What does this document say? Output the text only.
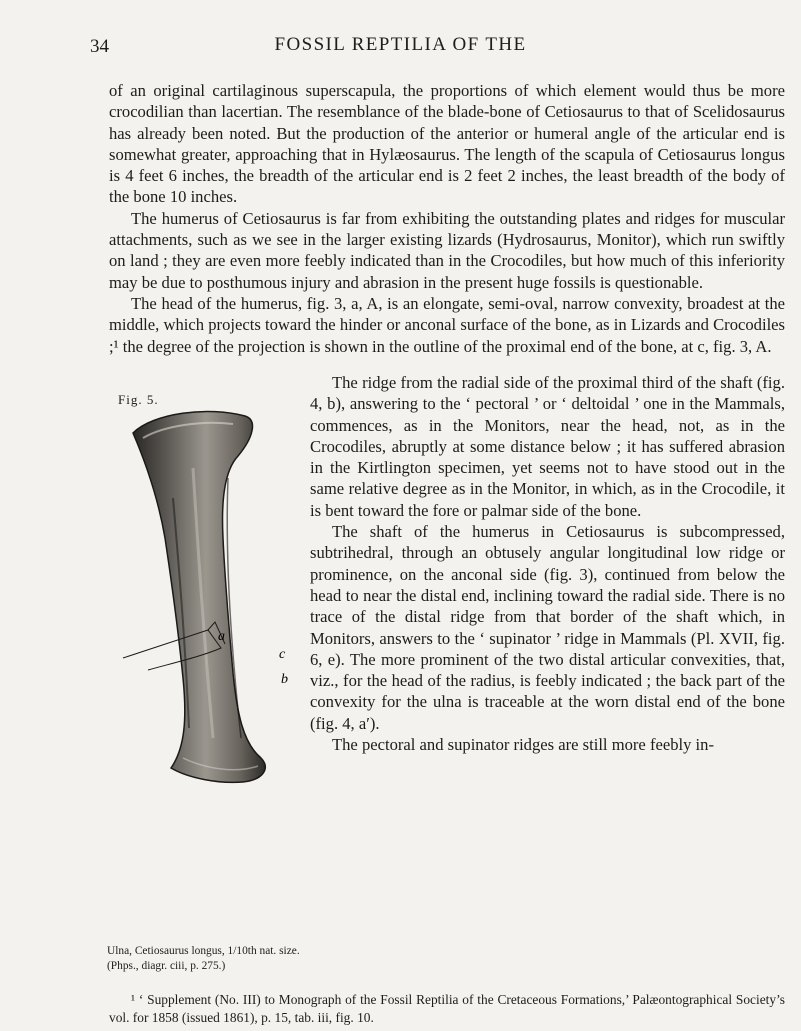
34	FOSSIL REPTILIA OF THE

of an original cartilaginous superscapula, the proportions of which element would thus be more crocodilian than lacertian. The resemblance of the blade-bone of Cetiosaurus to that of Scelidosaurus has already been noted. But the production of the anterior or humeral angle of the articular end is somewhat greater, approaching that in Hylæosaurus. The length of the scapula of Cetiosaurus longus is 4 feet 6 inches, the breadth of the articular end is 2 feet 2 inches, the least breadth of the body of the bone 10 inches.

The humerus of Cetiosaurus is far from exhibiting the outstanding plates and ridges for muscular attachments, such as we see in the larger existing lizards (Hydrosaurus, Monitor), which run swiftly on land ; they are even more feebly indicated than in the Crocodiles, but how much of this inferiority may be due to posthumous injury and abrasion in the present huge fossils is questionable.

The head of the humerus, fig. 3, a, A, is an elongate, semi-oval, narrow convexity, broadest at the middle, which projects toward the hinder or anconal surface of the bone, as in Lizards and Crocodiles ;¹ the degree of the projection is shown in the outline of the proximal end of the bone, at c, fig. 3, A.

Fig. 5.
a
c
b

The ridge from the radial side of the proximal third of the shaft (fig. 4, b), answering to the ‘ pectoral ’ or ‘ deltoidal ’ one in the Mammals, commences, as in the Monitors, near the head, not, as in the Crocodiles, abruptly at some distance below ; it has suffered abrasion in the Kirtlington specimen, yet seems not to have stood out in the same relative degree as in the Monitor, in which, as in the Crocodile, it is bent toward the fore or palmar side of the bone.

The shaft of the humerus in Cetiosaurus is subcompressed, subtrihedral, through an obtusely angular longitudinal low ridge or prominence, on the anconal side (fig. 3), continued from below the head to near the distal end, inclining toward the radial side. There is no trace of the distal ridge from that border of the shaft which, in Monitors, answers to the ‘ supinator ’ ridge in Mammals (Pl. XVII, fig. 6, e). The more prominent of the two distal articular convexities, that, viz., for the head of the radius, is feebly indicated ; the back part of the convexity for the ulna is traceable at the worn distal end of the bone (fig. 4, a′).

The pectoral and supinator ridges are still more feebly in-

Ulna, Cetiosaurus longus, 1/10th nat. size. (Phps., diagr. ciii, p. 275.)

¹ ‘ Supplement (No. III) to Monograph of the Fossil Reptilia of the Cretaceous Formations,’ Palæontographical Society’s vol. for 1858 (issued 1861), p. 15, tab. iii, fig. 10.
